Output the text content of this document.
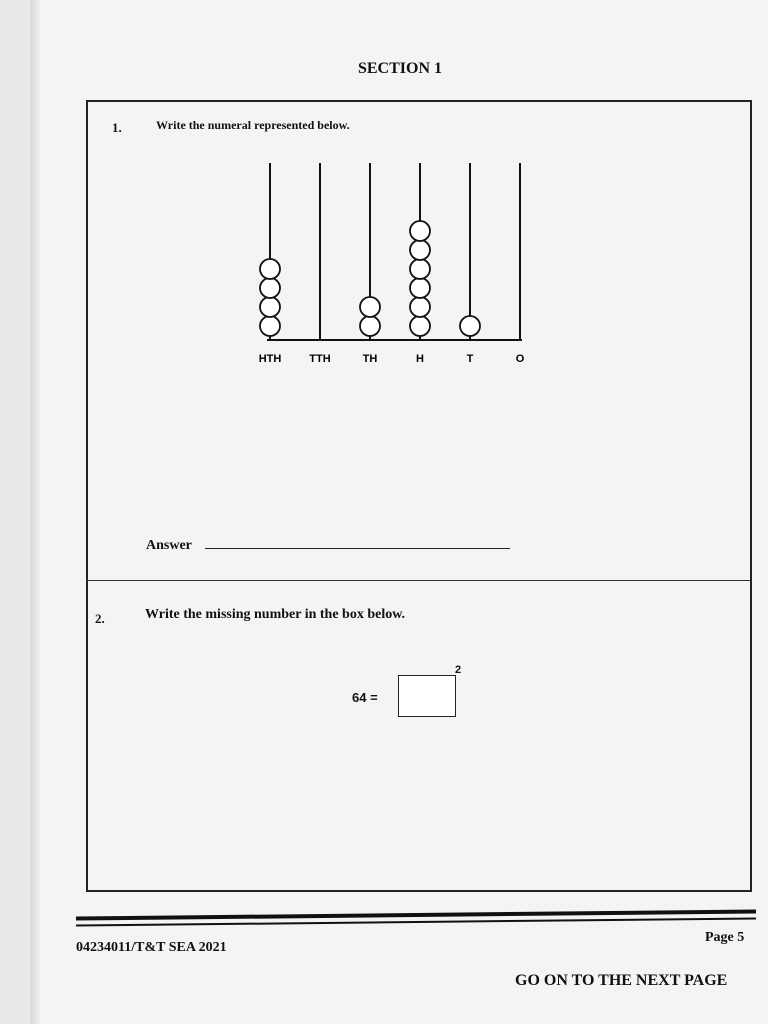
SECTION 1
1.	Write the numeral represented below.
HTH	TTH	TH	H	T	O
Answer
2.	Write the missing number in the box below.
64 =
2
04234011/T&T SEA 2021
Page 5
GO ON TO THE NEXT PAGE
